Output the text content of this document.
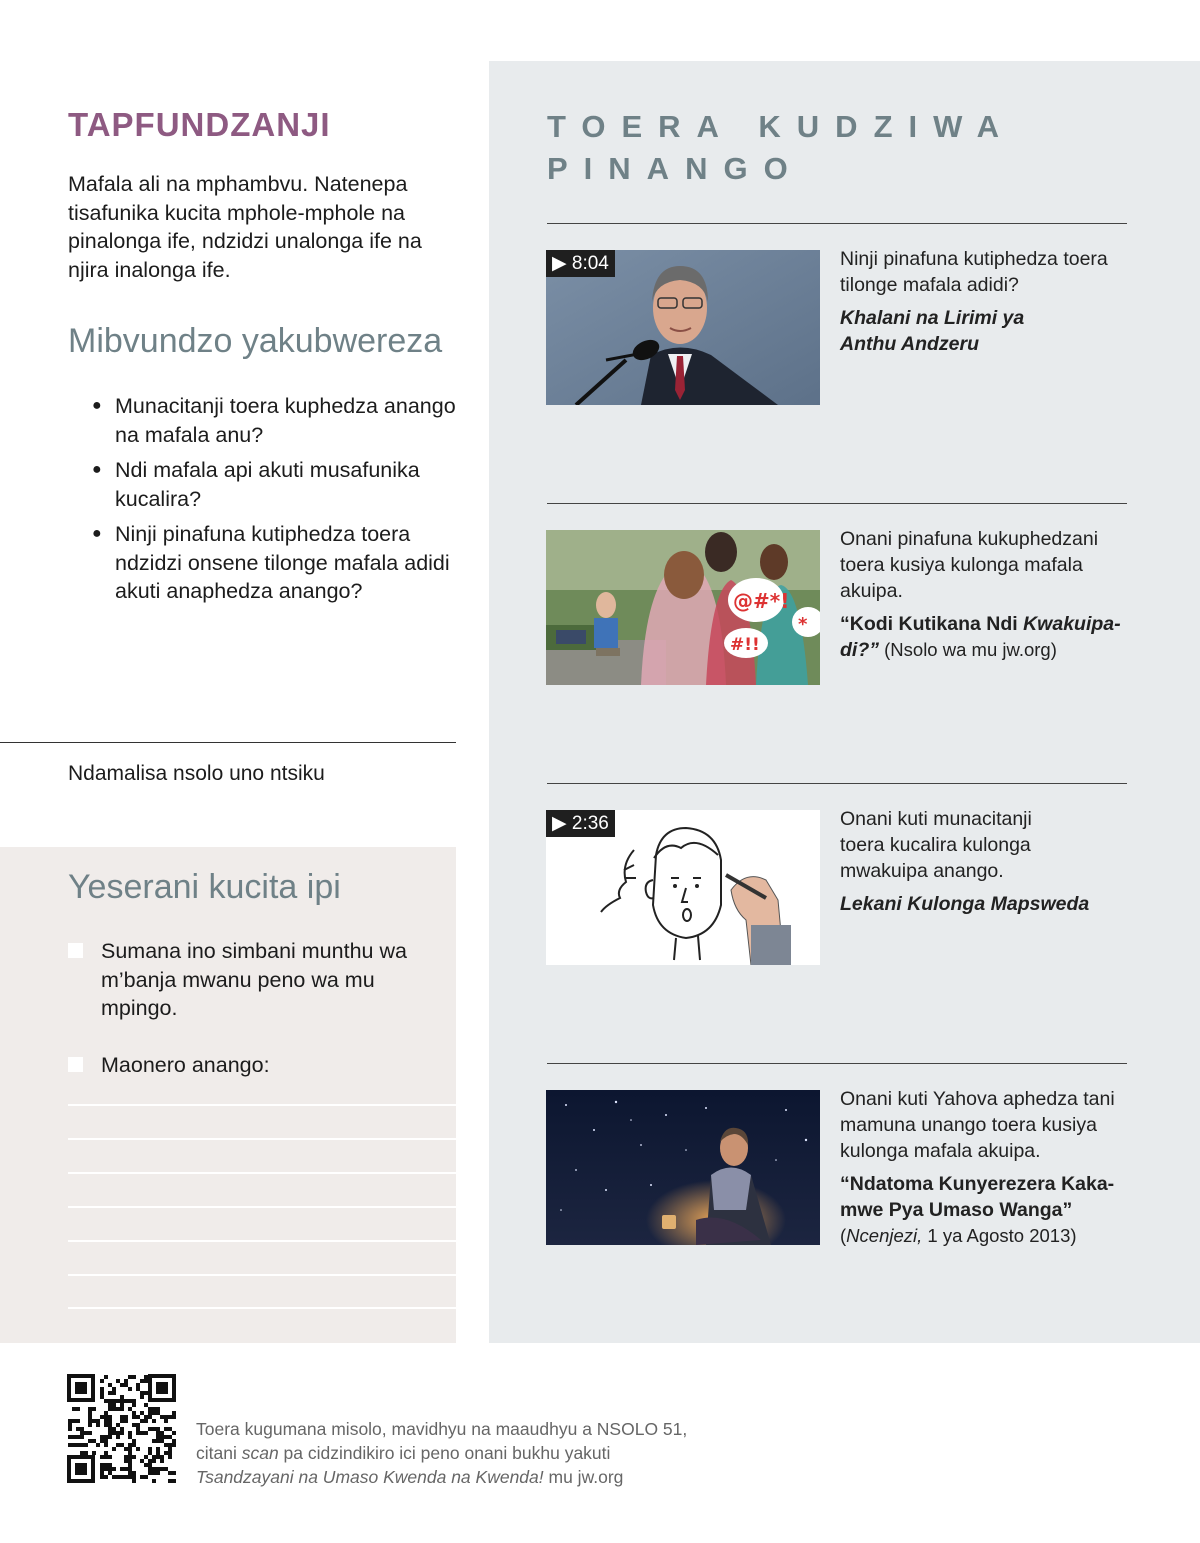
TAPFUNDZANJI
Mafala ali na mphambvu. Natenepa tisafunika kucita mphole-mphole na pinalonga ife, ndzidzi unalonga ife na njira inalonga ife.
Mibvundzo yakubwereza
● Munacitanji toera kuphedza anango na mafala anu?
● Ndi mafala api akuti musafunika kucalira?
● Ninji pinafuna kutiphedza toera ndzidzi onsene tilonge mafala adidi akuti anaphedza anango?
Ndamalisa nsolo uno ntsiku
Yeserani kucita ipi
Sumana ino simbani munthu wa m’banja mwanu peno wa mu mpingo.
Maonero anango:
TOERA KUDZIWA PINANGO
▶ 8:04	Ninji pinafuna kutiphedza toera tilonge mafala adidi?
Khalani na Lirimi ya Anthu Andzeru
@#*!
*
#!!
Onani pinafuna kukuphedzani toera kusiya kulonga mafala akuipa.
“Kodi Kutikana Ndi Kwakuipa-di?” (Nsolo wa mu jw.org)
▶ 2:36	Onani kuti munacitanji toera kucalira kulonga mwakuipa anango.
Lekani Kulonga Mapsweda
Onani kuti Yahova aphedza tani mamuna unango toera kusiya kulonga mafala akuipa.
“Ndatoma Kunyerezera Kaka-mwe Pya Umaso Wanga”
(Ncenjezi, 1 ya Agosto 2013)
Toera kugumana misolo, mavidhyu na maaudhyu a NSOLO 51,
citani scan pa cidzindikiro ici peno onani bukhu yakuti
Tsandzayani na Umaso Kwenda na Kwenda! mu jw.org
